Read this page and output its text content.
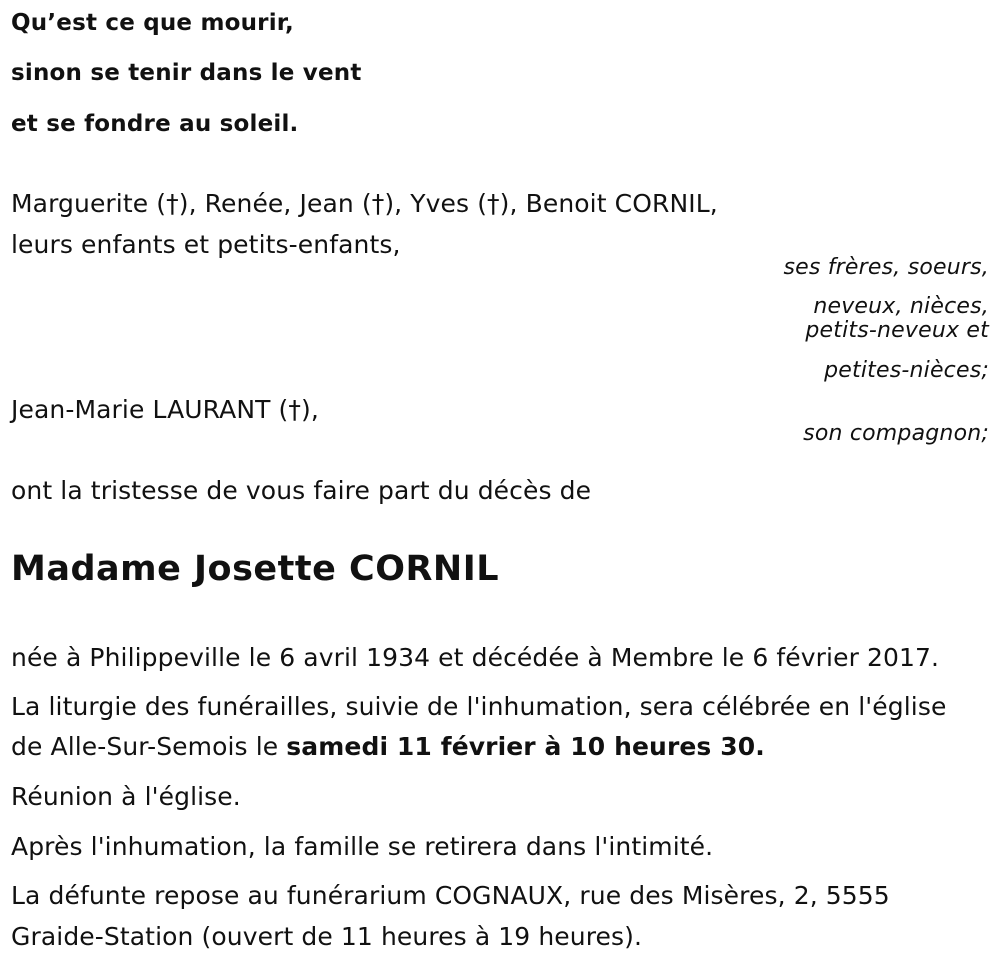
Qu’est ce que mourir,

sinon se tenir dans le vent

et se fondre au soleil.

Marguerite (†), Renée, Jean (†), Yves (†), Benoit CORNIL,

leurs enfants et petits-enfants,

ses frères, soeurs,

neveux, nièces,

petits-neveux et

petites-nièces;

Jean-Marie LAURANT (†),

son compagnon;

ont la tristesse de vous faire part du décès de

Madame Josette CORNIL

née à Philippeville le 6 avril 1934 et décédée à Membre le 6 février 2017.

La liturgie des funérailles, suivie de l'inhumation, sera célébrée en l'église

de Alle-Sur-Semois le samedi 11 février à 10 heures 30.

Réunion à l'église.

Après l'inhumation, la famille se retirera dans l'intimité.

La défunte repose au funérarium COGNAUX, rue des Misères, 2, 5555

Graide-Station (ouvert de 11 heures à 19 heures).
